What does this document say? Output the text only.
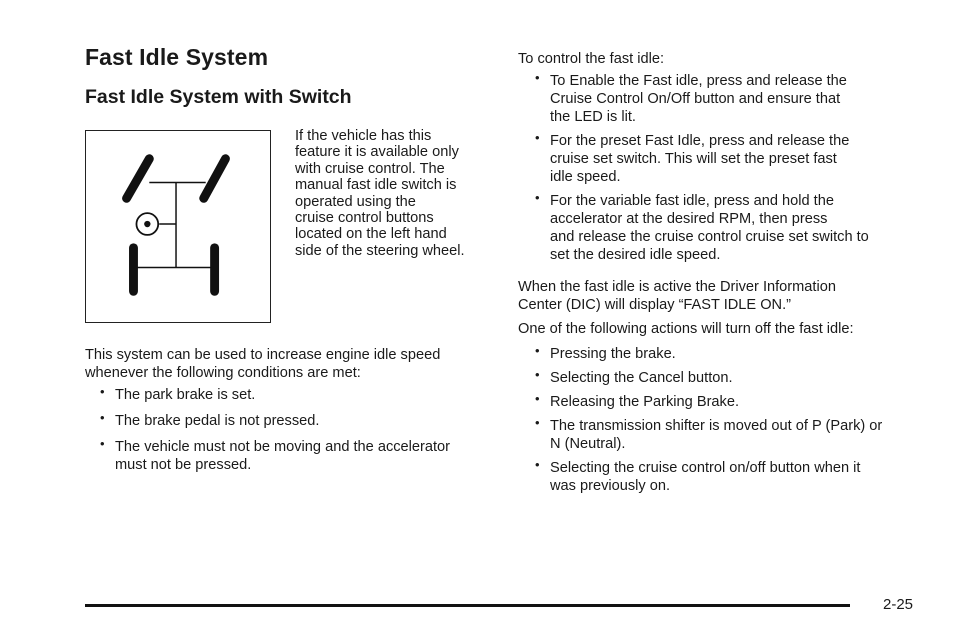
Fast Idle System
Fast Idle System with Switch
If the vehicle has this
feature it is available only
with cruise control. The
manual fast idle switch is
operated using the
cruise control buttons
located on the left hand
side of the steering wheel.

This system can be used to increase engine idle speed
whenever the following conditions are met:

• The park brake is set.
• The brake pedal is not pressed.
• The vehicle must not be moving and the accelerator
must not be pressed.

To control the fast idle:

• To Enable the Fast idle, press and release the
Cruise Control On/Off button and ensure that
the LED is lit.
• For the preset Fast Idle, press and release the
cruise set switch. This will set the preset fast
idle speed.
• For the variable fast idle, press and hold the
accelerator at the desired RPM, then press
and release the cruise control cruise set switch to
set the desired idle speed.

When the fast idle is active the Driver Information
Center (DIC) will display “FAST IDLE ON.”

One of the following actions will turn off the fast idle:

• Pressing the brake.
• Selecting the Cancel button.
• Releasing the Parking Brake.
• The transmission shifter is moved out of P (Park) or
N (Neutral).
• Selecting the cruise control on/off button when it
was previously on.
2-25
